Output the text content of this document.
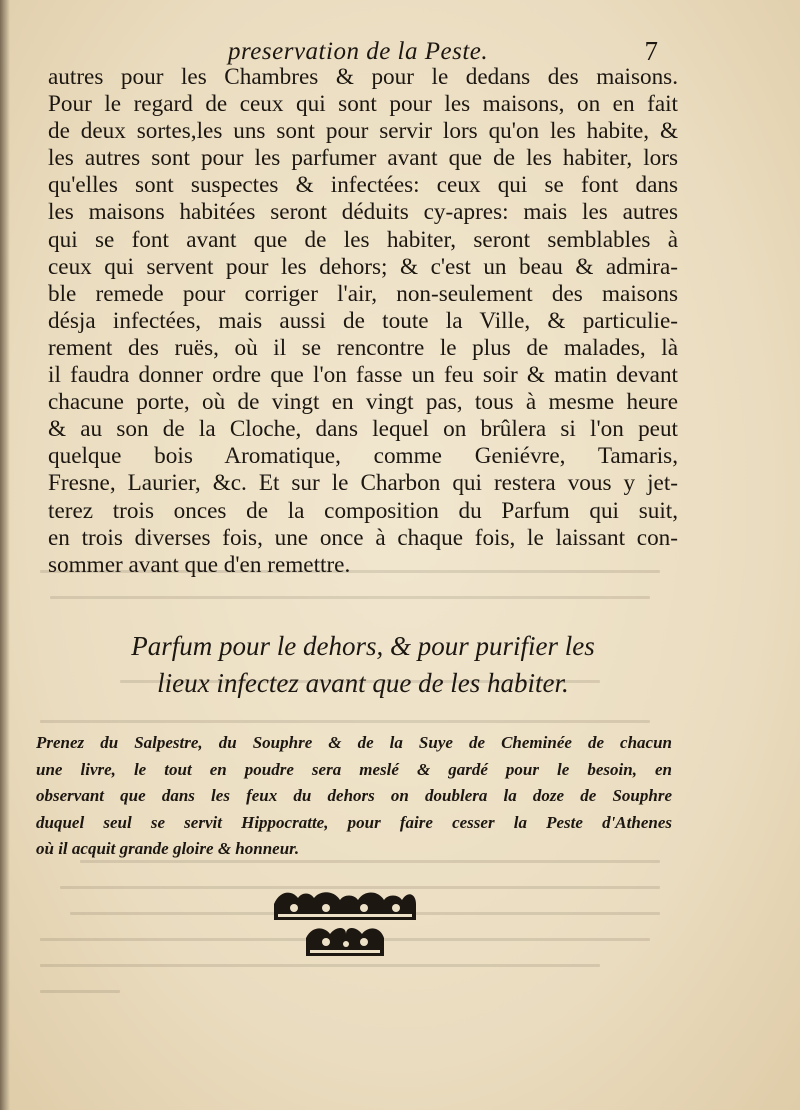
preservation de la Peste.	7
autres pour les Chambres & pour le dedans des maisons.
Pour le regard de ceux qui sont pour les maisons, on en fait
de deux sortes,les uns sont pour servir lors qu'on les habite, &
les autres sont pour les parfumer avant que de les habiter, lors
qu'elles sont suspectes & infectées: ceux qui se font dans
les maisons habitées seront déduits cy-apres: mais les autres
qui se font avant que de les habiter, seront semblables à
ceux qui servent pour les dehors; & c'est un beau & admira-
ble remede pour corriger l'air, non-seulement des maisons
désja infectées, mais aussi de toute la Ville, & particulie-
rement des ruës, où il se rencontre le plus de malades, là
il faudra donner ordre que l'on fasse un feu soir & matin devant
chacune porte, où de vingt en vingt pas, tous à mesme heure
& au son de la Cloche, dans lequel on brûlera si l'on peut
quelque bois Aromatique, comme Geniévre, Tamaris,
Fresne, Laurier, &c. Et sur le Charbon qui restera vous y jet-
terez trois onces de la composition du Parfum qui suit,
en trois diverses fois, une once à chaque fois, le laissant con-
sommer avant que d'en remettre.
Parfum pour le dehors, & pour purifier les
lieux infectez avant que de les habiter.
Prenez du Salpestre, du Souphre & de la Suye de Cheminée de chacun
une livre, le tout en poudre sera meslé & gardé pour le besoin, en
observant que dans les feux du dehors on doublera la doze de Souphre
duquel seul se servit Hippocratte, pour faire cesser la Peste d'Athenes
où il acquit grande gloire & honneur.
